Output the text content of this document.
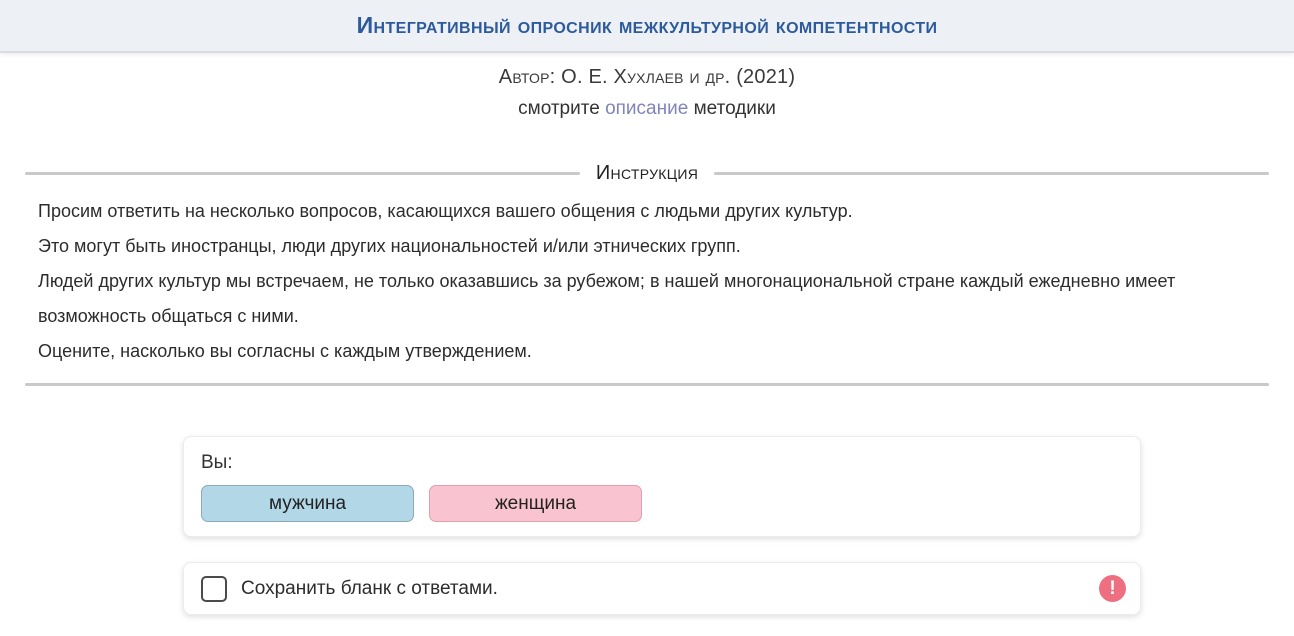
Интегративный опросник межкультурной компетентности

Автор: О. Е. Хухлаев и др. (2021)

смотрите описание методики

Инструкция

Просим ответить на несколько вопросов, касающихся вашего общения с людьми других культур.

Это могут быть иностранцы, люди других национальностей и/или этнических групп.

Людей других культур мы встречаем, не только оказавшись за рубежом; в нашей многонациональной стране каждый ежедневно имеет возможность общаться с ними.

Оцените, насколько вы согласны с каждым утверждением.

Вы:
мужчина	женщина
Сохранить бланк с ответами.	!
